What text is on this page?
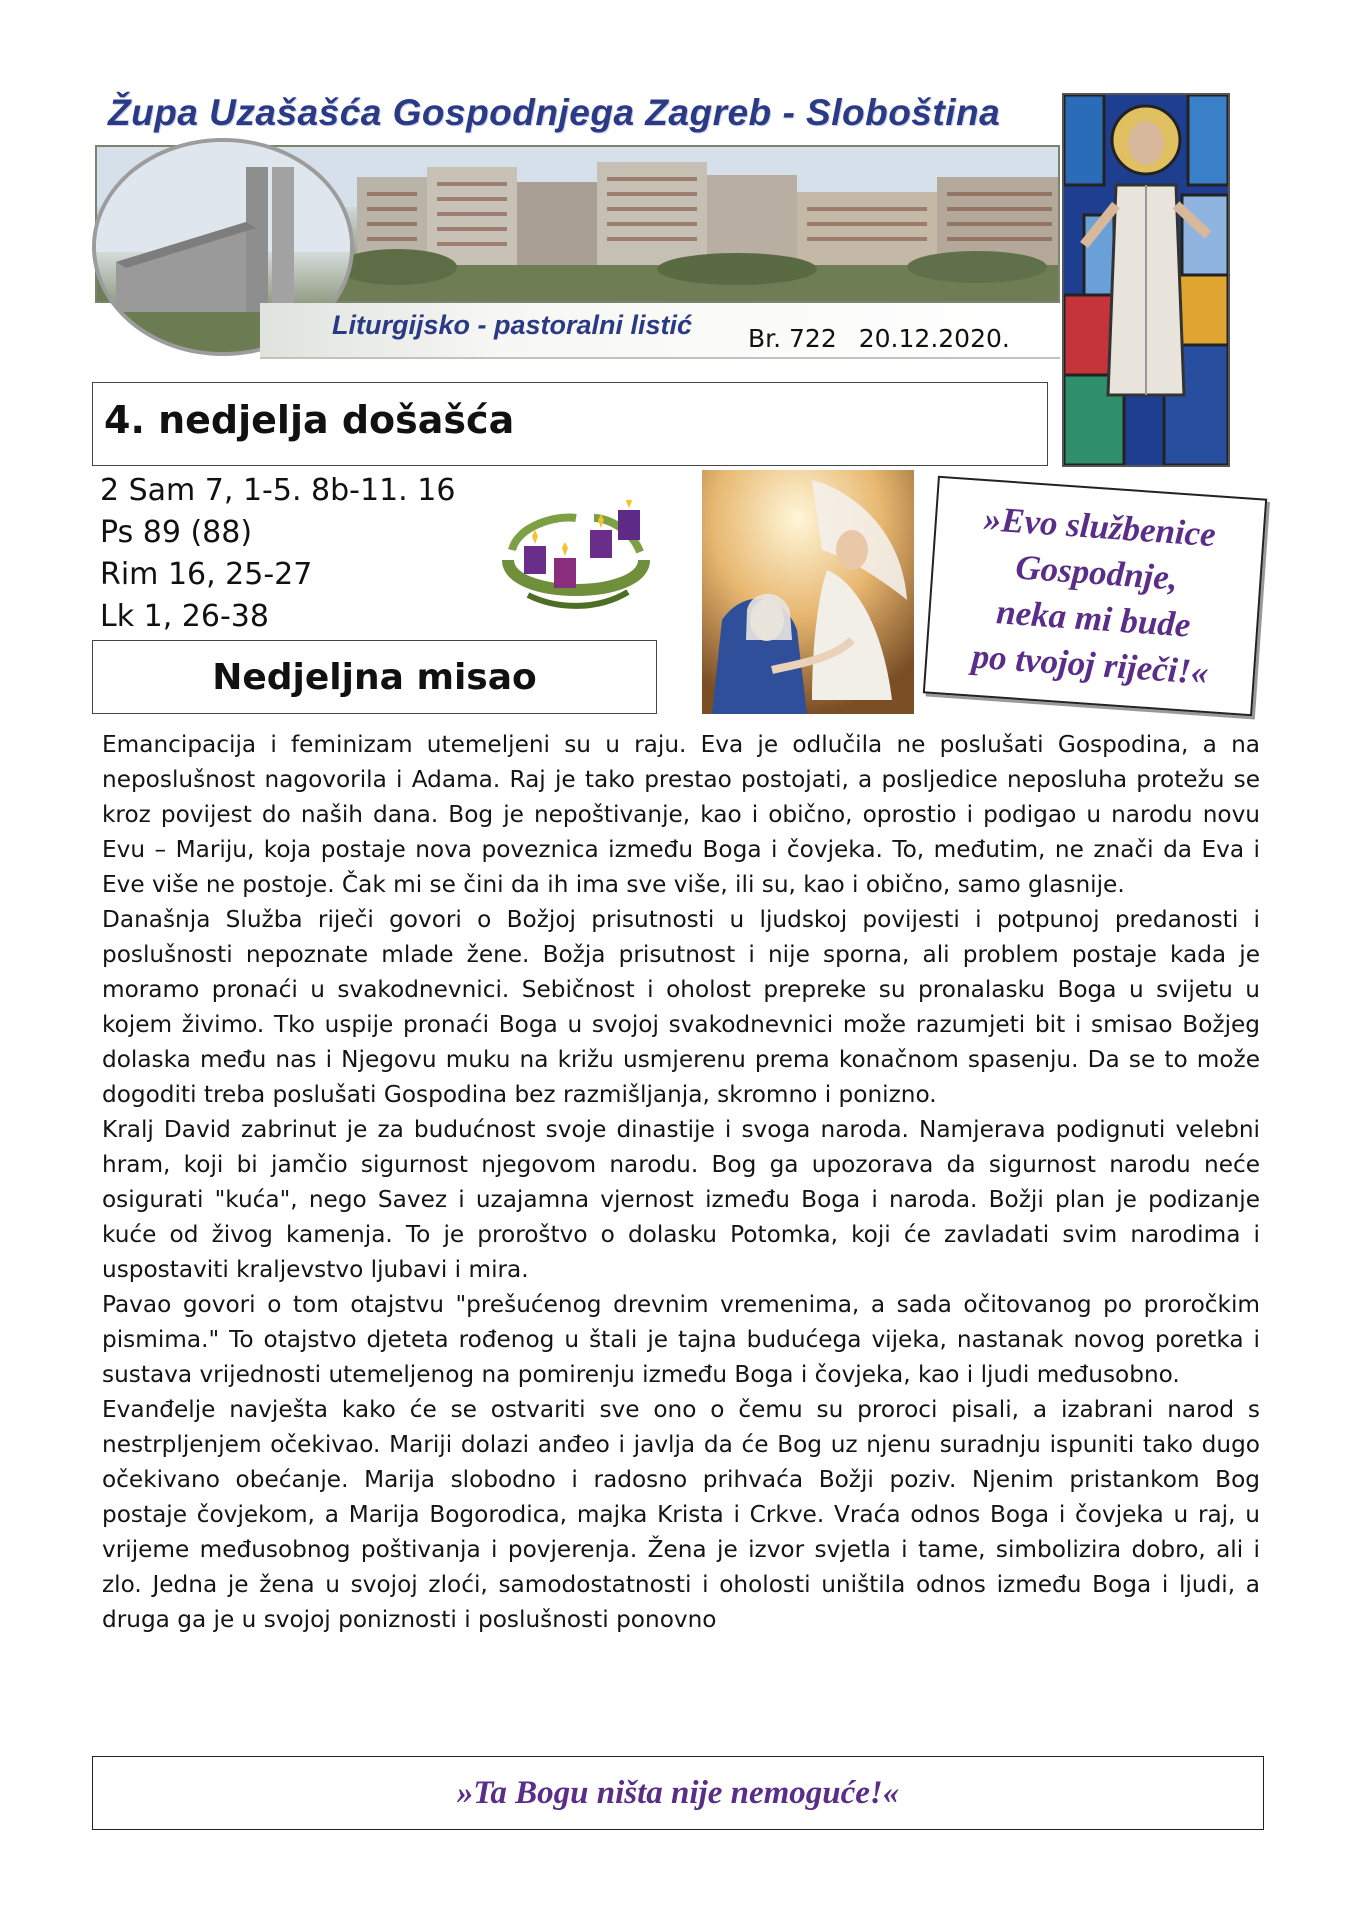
Župa Uzašašća Gospodnjega Zagreb - Sloboština
Liturgijsko - pastoralni listić Br. 722 20.12.2020.
4. nedjelja došašća
2 Sam 7, 1-5. 8b-11. 16
Ps 89 (88)
Rim 16, 25-27
Lk 1, 26-38
»Evo službenice
Gospodnje,
neka mi bude
po tvojoj riječi!«
Nedjeljna misao

Emancipacija i feminizam utemeljeni su u raju. Eva je odlučila ne poslušati Gospodina, a na neposlušnost nagovorila i Adama. Raj je tako prestao postojati, a posljedice neposluha protežu se kroz povijest do naših dana. Bog je nepoštivanje, kao i obično, oprostio i podigao u narodu novu Evu – Mariju, koja postaje nova poveznica između Boga i čovjeka. To, međutim, ne znači da Eva i Eve više ne postoje. Čak mi se čini da ih ima sve više, ili su, kao i obično, samo glasnije.

Današnja Služba riječi govori o Božjoj prisutnosti u ljudskoj povijesti i potpunoj predanosti i poslušnosti nepoznate mlade žene. Božja prisutnost i nije sporna, ali problem postaje kada je moramo pronaći u svakodnevnici. Sebičnost i oholost prepreke su pronalasku Boga u svijetu u kojem živimo. Tko uspije pronaći Boga u svojoj svakodnevnici može razumjeti bit i smisao Božjeg dolaska među nas i Njegovu muku na križu usmjerenu prema konačnom spasenju. Da se to može dogoditi treba poslušati Gospodina bez razmišljanja, skromno i ponizno.

Kralj David zabrinut je za budućnost svoje dinastije i svoga naroda. Namjerava podignuti velebni hram, koji bi jamčio sigurnost njegovom narodu. Bog ga upozorava da sigurnost narodu neće osigurati "kuća", nego Savez i uzajamna vjernost između Boga i naroda. Božji plan je podizanje kuće od živog kamenja. To je proroštvo o dolasku Potomka, koji će zavladati svim narodima i uspostaviti kraljevstvo ljubavi i mira.

Pavao govori o tom otajstvu "prešućenog drevnim vremenima, a sada očitovanog po proročkim pismima." To otajstvo djeteta rođenog u štali je tajna budućega vijeka, nastanak novog poretka i sustava vrijednosti utemeljenog na pomirenju između Boga i čovjeka, kao i ljudi međusobno.

Evanđelje navješta kako će se ostvariti sve ono o čemu su proroci pisali, a izabrani narod s nestrpljenjem očekivao. Mariji dolazi anđeo i javlja da će Bog uz njenu suradnju ispuniti tako dugo očekivano obećanje. Marija slobodno i radosno prihvaća Božji poziv. Njenim pristankom Bog postaje čovjekom, a Marija Bogorodica, majka Krista i Crkve. Vraća odnos Boga i čovjeka u raj, u vrijeme međusobnog poštivanja i povjerenja. Žena je izvor svjetla i tame, simbolizira dobro, ali i zlo. Jedna je žena u svojoj zloći, samodostatnosti i oholosti uništila odnos između Boga i ljudi, a druga ga je u svojoj poniznosti i poslušnosti ponovno

»Ta Bogu ništa nije nemoguće!«
